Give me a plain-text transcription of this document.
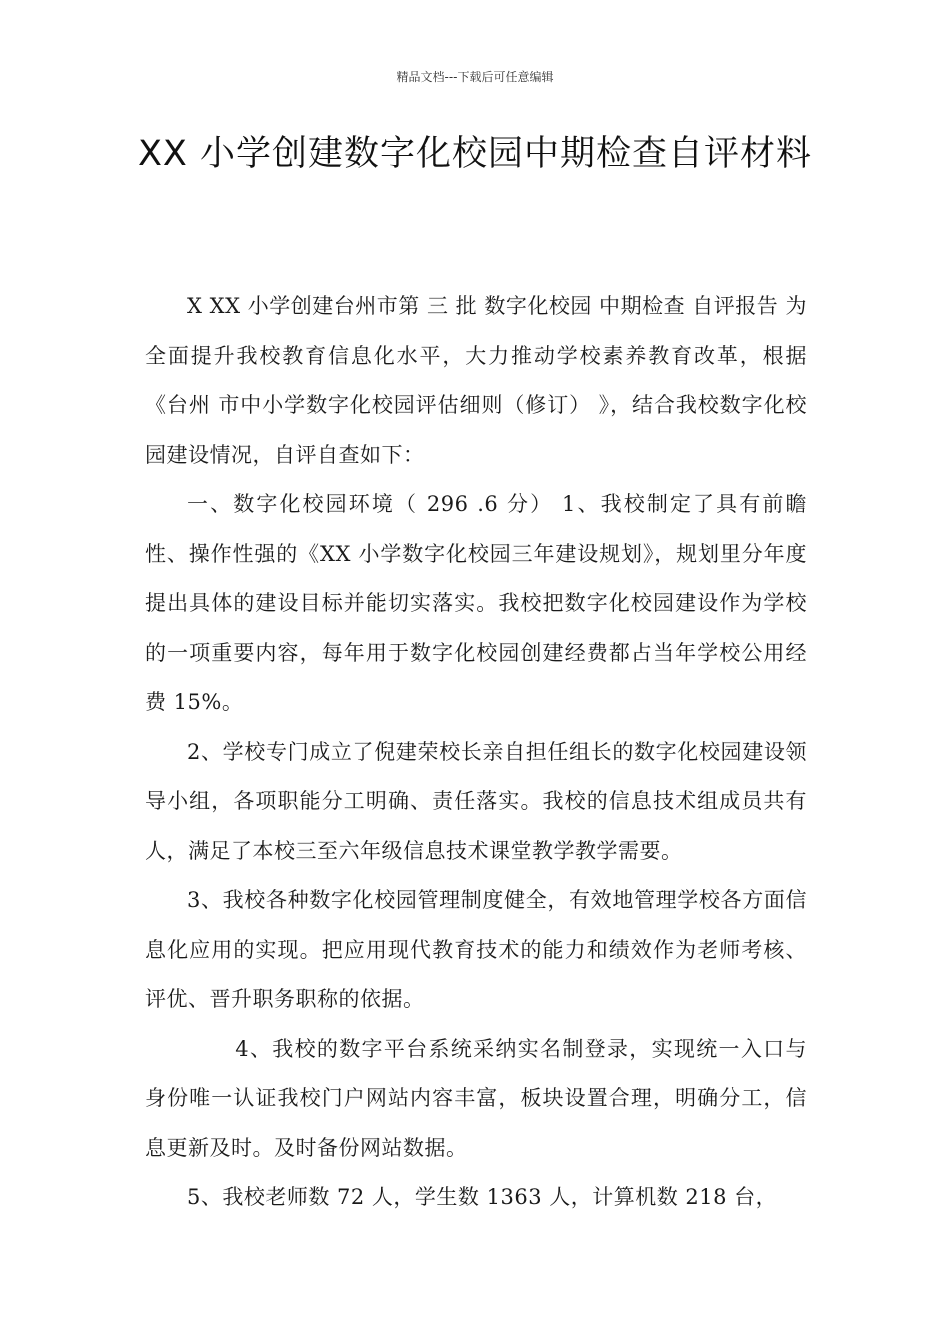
精品文档---下载后可任意编辑
XX 小学创建数字化校园中期检查自评材料

X XX 小学创建台州市第 三 批 数字化校园 中期检查 自评报告 为全面提升我校教育信息化水平，大力推动学校素养教育改革，根据《台州 市中小学数字化校园评估细则（修订） 》，结合我校数字化校园建设情况，自评自查如下：

一、数字化校园环境（ 296 .6 分） 1、我校制定了具有前瞻性、操作性强的《XX 小学数字化校园三年建设规划》，规划里分年度提出具体的建设目标并能切实落实。我校把数字化校园建设作为学校的一项重要内容，每年用于数字化校园创建经费都占当年学校公用经费 15%。

2、学校专门成立了倪建荣校长亲自担任组长的数字化校园建设领导小组，各项职能分工明确、责任落实。我校的信息技术组成员共有 人，满足了本校三至六年级信息技术课堂教学教学需要。

3、我校各种数字化校园管理制度健全，有效地管理学校各方面信息化应用的实现。把应用现代教育技术的能力和绩效作为老师考核、评优、晋升职务职称的依据。

4、我校的数字平台系统采纳实名制登录，实现统一入口与身份唯一认证我校门户网站内容丰富，板块设置合理，明确分工，信息更新及时。及时备份网站数据。

5、我校老师数 72 人，学生数 1363 人，计算机数 218 台，
